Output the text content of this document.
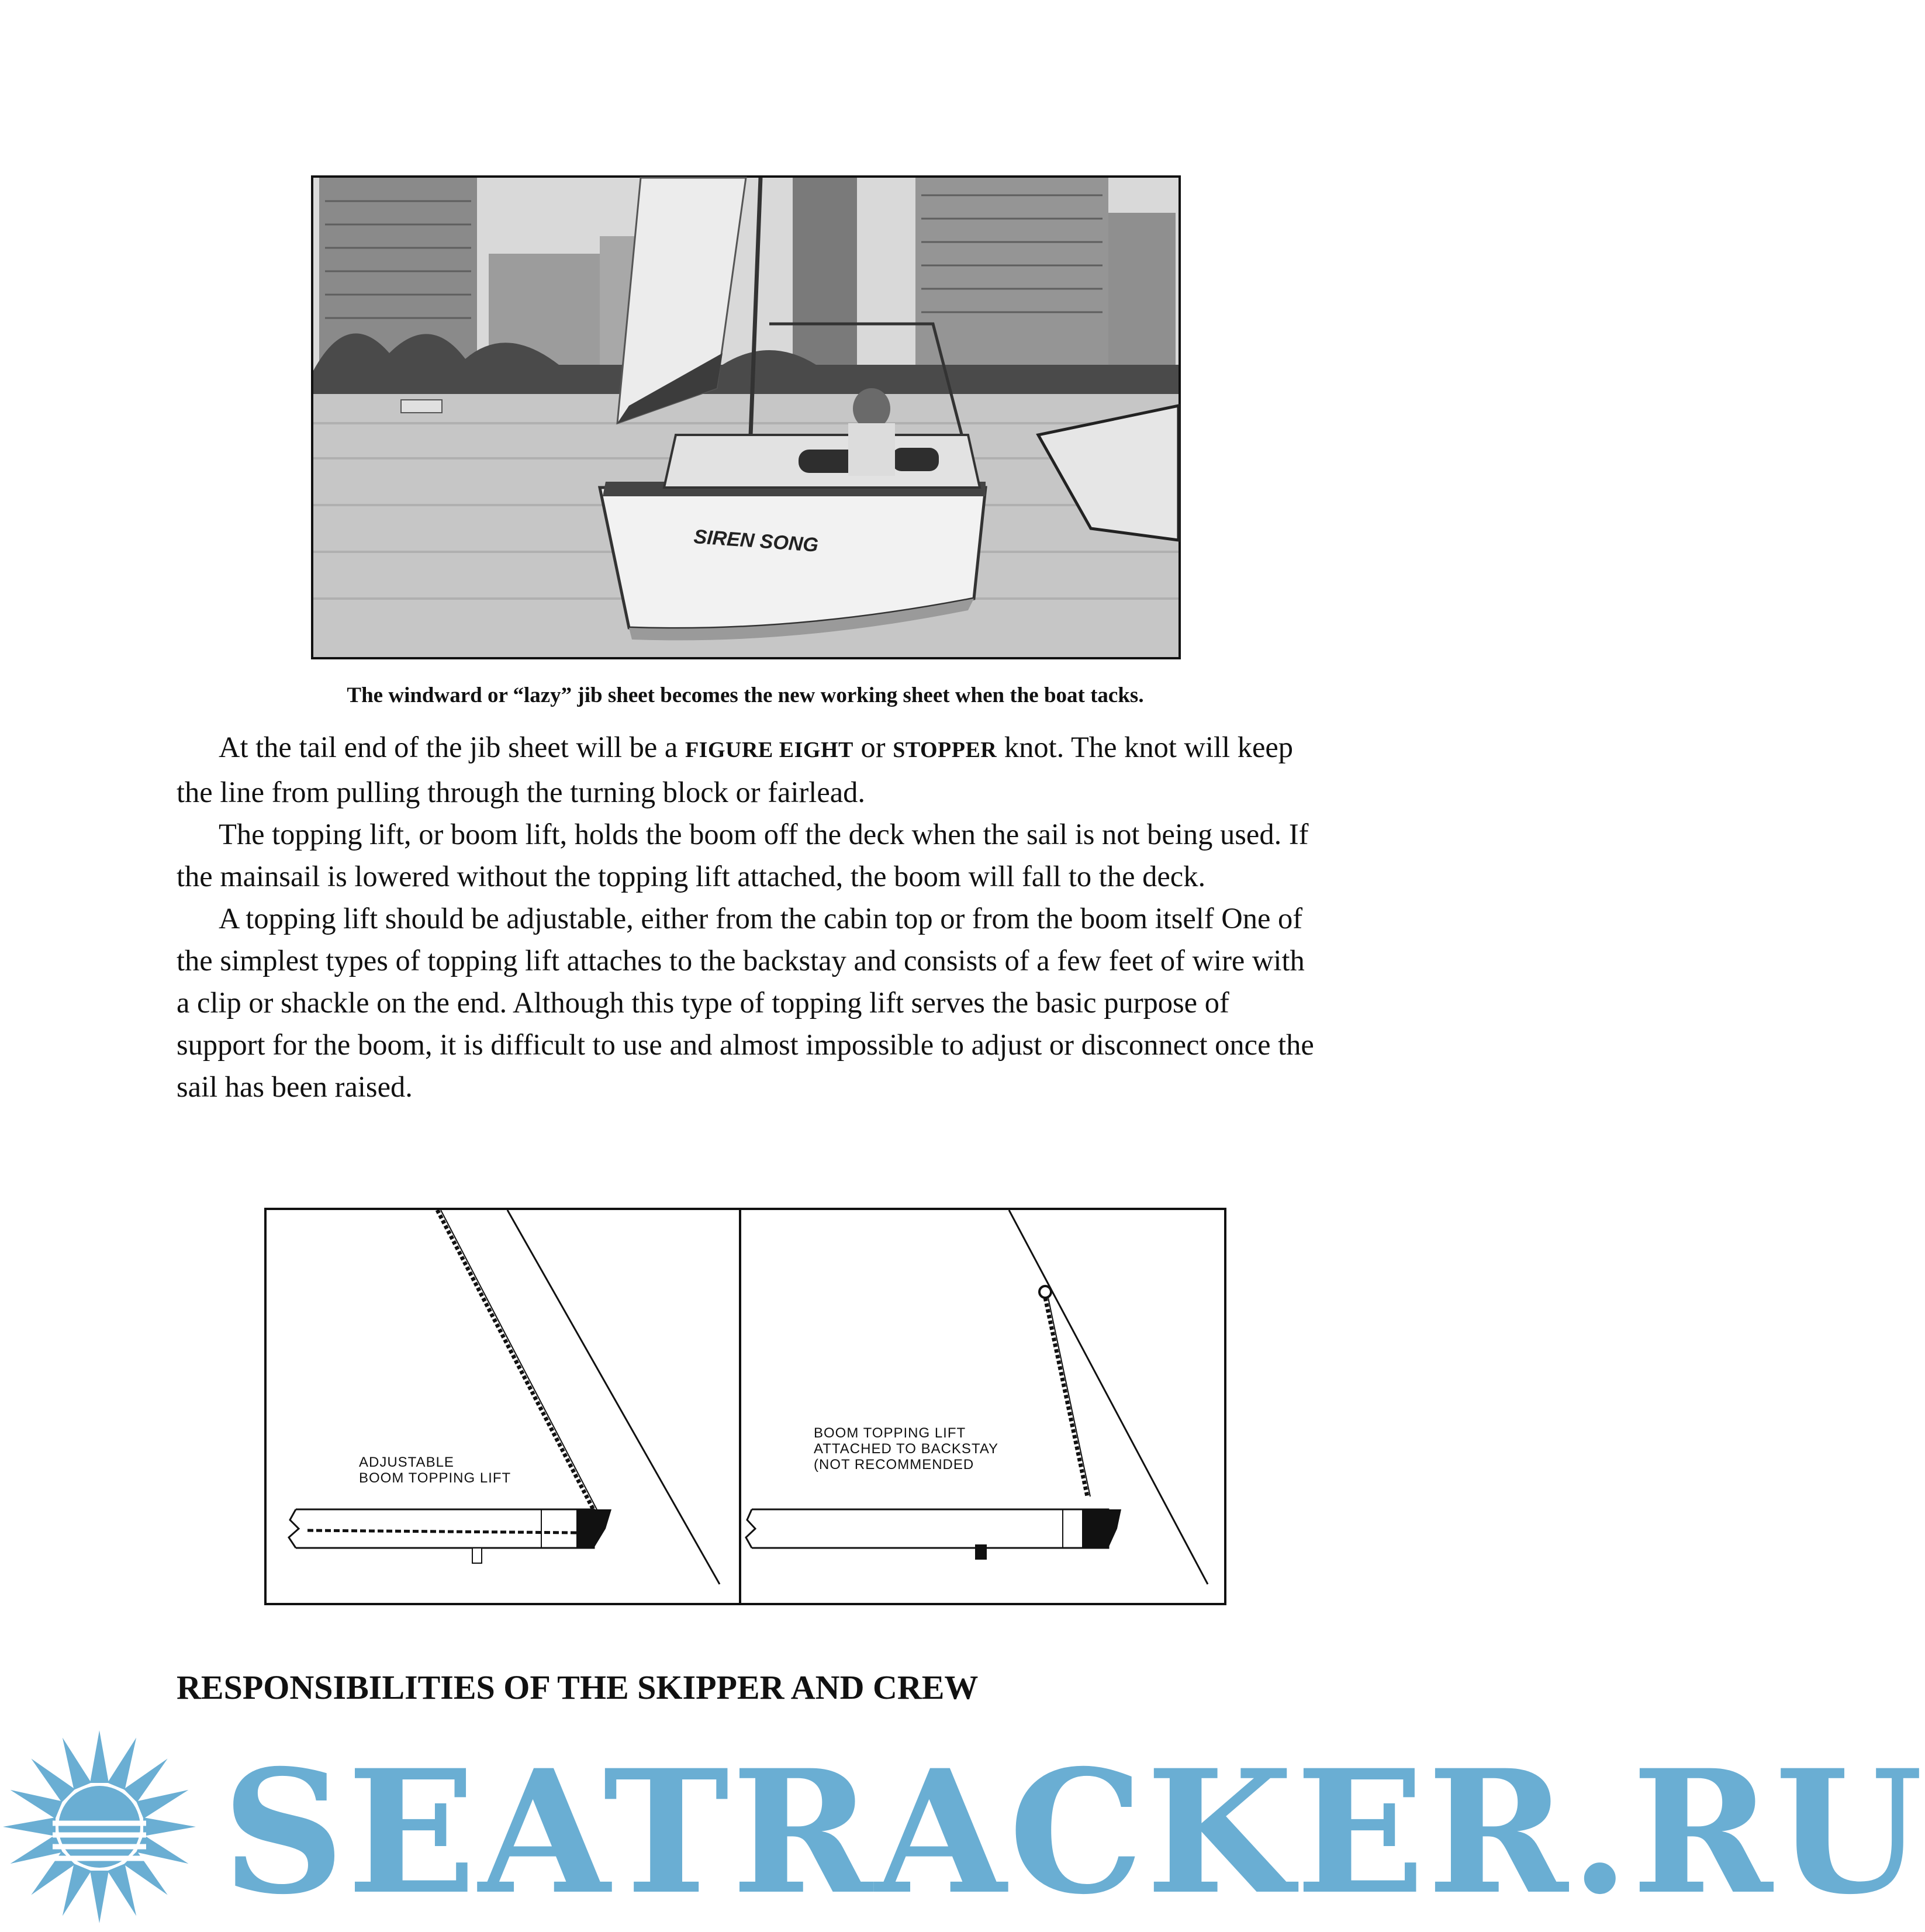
SIREN SONG
The windward or “lazy” jib sheet becomes the new working sheet when the boat tacks.

At the tail end of the jib sheet will be a FIGURE EIGHT or STOPPER knot. The knot will keep the line from pulling through the turning block or fairlead.

The topping lift, or boom lift, holds the boom off the deck when the sail is not being used. If the mainsail is lowered without the topping lift attached, the boom will fall to the deck.

A topping lift should be adjustable, either from the cabin top or from the boom itself One of the simplest types of topping lift attaches to the backstay and consists of a few feet of wire with a clip or shackle on the end. Although this type of topping lift serves the basic purpose of support for the boom, it is difficult to use and almost impossible to adjust or disconnect once the sail has been raised.

ADJUSTABLE
BOOM TOPPING LIFT
BOOM TOPPING LIFT
ATTACHED TO BACKSTAY
(NOT RECOMMENDED
RESPONSIBILITIES OF THE SKIPPER AND CREW
SEATRACKER.RU
